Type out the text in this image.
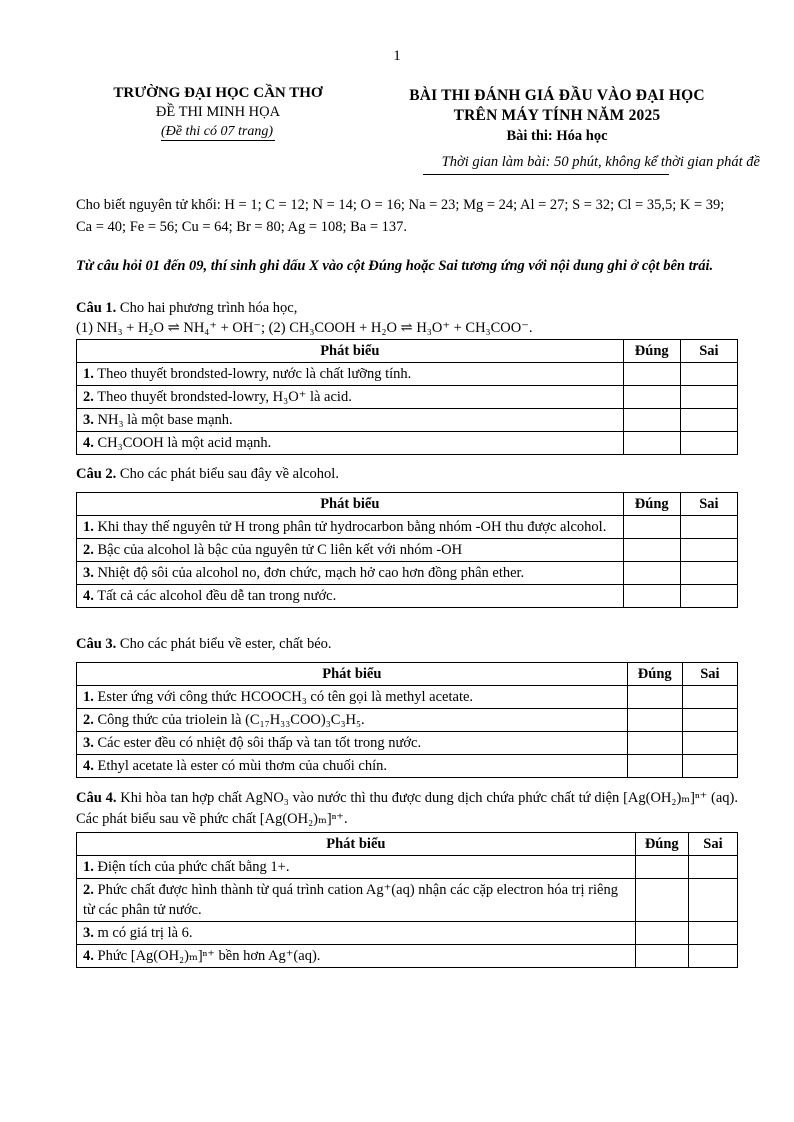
1
TRƯỜNG ĐẠI HỌC CẦN THƠ
ĐỀ THI MINH HỌA
(Đề thi có 07 trang)
BÀI THI ĐÁNH GIÁ ĐẦU VÀO ĐẠI HỌC
TRÊN MÁY TÍNH NĂM 2025
Bài thi: Hóa học
Thời gian làm bài: 50 phút, không kể thời gian phát đề
Cho biết nguyên tử khối: H = 1; C = 12; N = 14; O = 16; Na = 23; Mg = 24; Al = 27; S = 32; Cl = 35,5; K = 39; Ca = 40; Fe = 56; Cu = 64; Br = 80; Ag = 108; Ba = 137.
Từ câu hỏi 01 đến 09, thí sinh ghi dấu X vào cột Đúng hoặc Sai tương ứng với nội dung ghi ở cột bên trái.
Câu 1. Cho hai phương trình hóa học,
(1) NH₃ + H₂O ⇌ NH₄⁺ + OH⁻; (2) CH₃COOH + H₂O ⇌ H₃O⁺ + CH₃COO⁻.
Phát biểu	Đúng	Sai
1. Theo thuyết brondsted-lowry, nước là chất lưỡng tính.		
2. Theo thuyết brondsted-lowry, H₃O⁺ là acid.		
3. NH₃ là một base mạnh.		
4. CH₃COOH là một acid mạnh.		
Câu 2. Cho các phát biểu sau đây về alcohol.
Phát biểu	Đúng	Sai
1. Khi thay thế nguyên tử H trong phân tử hydrocarbon bằng nhóm -OH thu được alcohol.		
2. Bậc của alcohol là bậc của nguyên tử C liên kết với nhóm -OH		
3. Nhiệt độ sôi của alcohol no, đơn chức, mạch hở cao hơn đồng phân ether.		
4. Tất cả các alcohol đều dễ tan trong nước.		
Câu 3. Cho các phát biểu về ester, chất béo.
Phát biểu	Đúng	Sai
1. Ester ứng với công thức HCOOCH₃ có tên gọi là methyl acetate.		
2. Công thức của triolein là (C₁₇H₃₃COO)₃C₃H₅.		
3. Các ester đều có nhiệt độ sôi thấp và tan tốt trong nước.		
4. Ethyl acetate là ester có mùi thơm của chuối chín.		
Câu 4. Khi hòa tan hợp chất AgNO₃ vào nước thì thu được dung dịch chứa phức chất tứ diện [Ag(OH₂)ₘ]ⁿ⁺ (aq). Các phát biểu sau về phức chất [Ag(OH₂)ₘ]ⁿ⁺.
Phát biểu	Đúng	Sai
1. Điện tích của phức chất bằng 1+.		
2. Phức chất được hình thành từ quá trình cation Ag⁺(aq) nhận các cặp electron hóa trị riêng từ các phân tử nước.		
3. m có giá trị là 6.		
4. Phức [Ag(OH₂)ₘ]ⁿ⁺ bền hơn Ag⁺(aq).		
